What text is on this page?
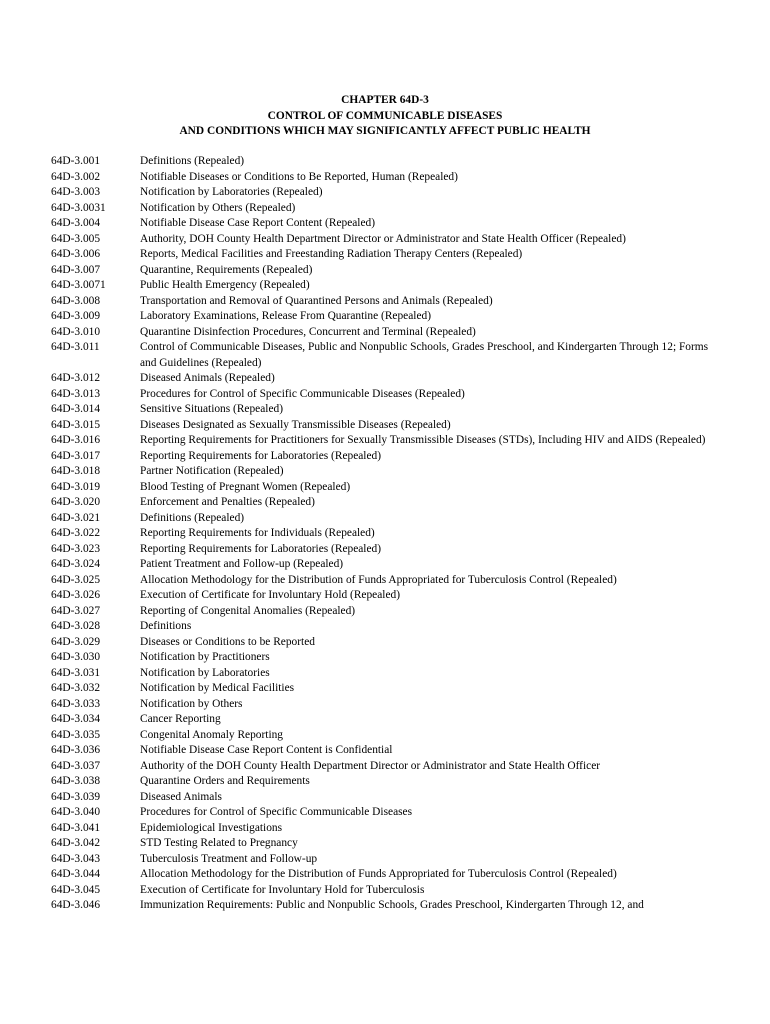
CHAPTER 64D-3
CONTROL OF COMMUNICABLE DISEASES
AND CONDITIONS WHICH MAY SIGNIFICANTLY AFFECT PUBLIC HEALTH
64D-3.001	Definitions (Repealed)
64D-3.002	Notifiable Diseases or Conditions to Be Reported, Human (Repealed)
64D-3.003	Notification by Laboratories (Repealed)
64D-3.0031	Notification by Others (Repealed)
64D-3.004	Notifiable Disease Case Report Content (Repealed)
64D-3.005	Authority, DOH County Health Department Director or Administrator and State Health Officer (Repealed)
64D-3.006	Reports, Medical Facilities and Freestanding Radiation Therapy Centers (Repealed)
64D-3.007	Quarantine, Requirements (Repealed)
64D-3.0071	Public Health Emergency (Repealed)
64D-3.008	Transportation and Removal of Quarantined Persons and Animals (Repealed)
64D-3.009	Laboratory Examinations, Release From Quarantine (Repealed)
64D-3.010	Quarantine Disinfection Procedures, Concurrent and Terminal (Repealed)
64D-3.011	Control of Communicable Diseases, Public and Nonpublic Schools, Grades Preschool, and Kindergarten Through 12; Forms and Guidelines (Repealed)
64D-3.012	Diseased Animals (Repealed)
64D-3.013	Procedures for Control of Specific Communicable Diseases (Repealed)
64D-3.014	Sensitive Situations (Repealed)
64D-3.015	Diseases Designated as Sexually Transmissible Diseases (Repealed)
64D-3.016	Reporting Requirements for Practitioners for Sexually Transmissible Diseases (STDs), Including HIV and AIDS (Repealed)
64D-3.017	Reporting Requirements for Laboratories (Repealed)
64D-3.018	Partner Notification (Repealed)
64D-3.019	Blood Testing of Pregnant Women (Repealed)
64D-3.020	Enforcement and Penalties (Repealed)
64D-3.021	Definitions (Repealed)
64D-3.022	Reporting Requirements for Individuals (Repealed)
64D-3.023	Reporting Requirements for Laboratories (Repealed)
64D-3.024	Patient Treatment and Follow-up (Repealed)
64D-3.025	Allocation Methodology for the Distribution of Funds Appropriated for Tuberculosis Control (Repealed)
64D-3.026	Execution of Certificate for Involuntary Hold (Repealed)
64D-3.027	Reporting of Congenital Anomalies (Repealed)
64D-3.028	Definitions
64D-3.029	Diseases or Conditions to be Reported
64D-3.030	Notification by Practitioners
64D-3.031	Notification by Laboratories
64D-3.032	Notification by Medical Facilities
64D-3.033	Notification by Others
64D-3.034	Cancer Reporting
64D-3.035	Congenital Anomaly Reporting
64D-3.036	Notifiable Disease Case Report Content is Confidential
64D-3.037	Authority of the DOH County Health Department Director or Administrator and State Health Officer
64D-3.038	Quarantine Orders and Requirements
64D-3.039	Diseased Animals
64D-3.040	Procedures for Control of Specific Communicable Diseases
64D-3.041	Epidemiological Investigations
64D-3.042	STD Testing Related to Pregnancy
64D-3.043	Tuberculosis Treatment and Follow-up
64D-3.044	Allocation Methodology for the Distribution of Funds Appropriated for Tuberculosis Control (Repealed)
64D-3.045	Execution of Certificate for Involuntary Hold for Tuberculosis
64D-3.046	Immunization Requirements: Public and Nonpublic Schools, Grades Preschool, Kindergarten Through 12, and
